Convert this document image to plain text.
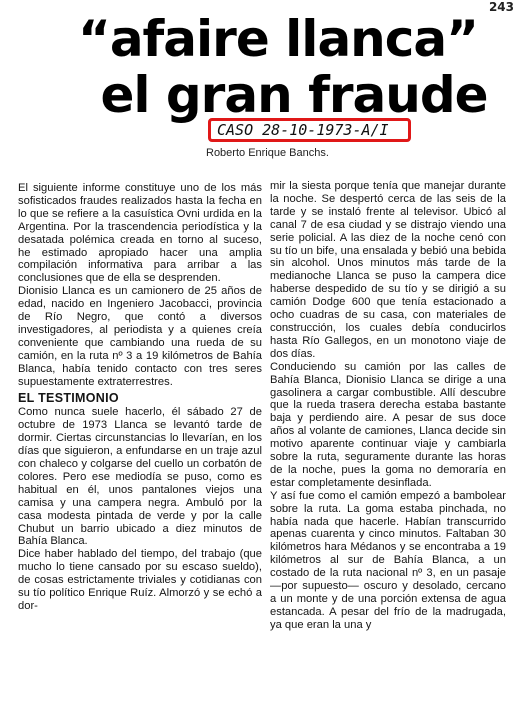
243
“afaire llanca”
el gran fraude
CASO 28-10-1973-A/I
Roberto Enrique Banchs.

El siguiente informe constituye uno de los más sofisticados fraudes realizados hasta la fecha en lo que se refiere a la casuística Ovni urdida en la Argentina. Por la trascendencia periodística y la desatada polémica creada en torno al suceso, he estimado apropiado hacer una amplia compilación informativa para arribar a las conclusiones que de ella se desprenden.

Dionisio Llanca es un camionero de 25 años de edad, nacido en Ingeniero Jacobacci, provincia de Río Negro, que contó a diversos investigadores, al periodista y a quienes creía conveniente que cambiando una rueda de su camión, en la ruta nº 3 a 19 kilómetros de Bahía Blanca, había tenido contacto con tres seres supuestamente extraterrestres.

EL TESTIMONIO

Como nunca suele hacerlo, él sábado 27 de octubre de 1973 Llanca se levantó tarde de dormir. Ciertas circunstancias lo llevarían, en los días que siguieron, a enfundarse en un traje azul con chaleco y colgarse del cuello un corbatón de colores. Pero ese mediodía se puso, como es habitual en él, unos pantalones viejos una camisa y una campera negra. Ambuló por la casa modesta pintada de verde y por la calle Chubut un barrio ubicado a diez minutos de Bahía Blanca.

Dice haber hablado del tiempo, del trabajo (que mucho lo tiene cansado por su escaso sueldo), de cosas estrictamente triviales y cotidianas con su tío político Enrique Ruíz. Almorzó y se echó a dor-

mir la siesta porque tenía que manejar durante la noche. Se despertó cerca de las seis de la tarde y se instaló frente al televisor. Ubicó al canal 7 de esa ciudad y se distrajo viendo una serie policial. A las diez de la noche cenó con su tío un bife, una ensalada y bebió una bebida sin alcohol. Unos minutos más tarde de la medianoche Llanca se puso la campera dice haberse despedido de su tío y se dirigió a su camión Dodge 600 que tenía estacionado a ocho cuadras de su casa, con materiales de construcción, los cuales debía conducirlos hasta Río Gallegos, en un monotono viaje de dos días.

Conduciendo su camión por las calles de Bahía Blanca, Dionisio Llanca se dirige a una gasolinera a cargar combustible. Allí descubre que la rueda trasera derecha estaba bastante baja y perdiendo aire. A pesar de sus doce años al volante de camiones, Llanca decide sin motivo aparente continuar viaje y cambiarla sobre la ruta, seguramente durante las horas de la noche, pues la goma no demoraría en estar completamente desinflada.

Y así fue como el camión empezó a bambolear sobre la ruta. La goma estaba pinchada, no había nada que hacerle. Habían transcurrido apenas cuarenta y cinco minutos. Faltaban 30 kilómetros hara Médanos y se encontraba a 19 kilómetros al sur de Bahía Blanca, a un costado de la ruta nacional nº 3, en un pasaje —por supuesto— oscuro y desolado, cercano a un monte y de una porción extensa de agua estancada. A pesar del frío de la madrugada, ya que eran la una y
